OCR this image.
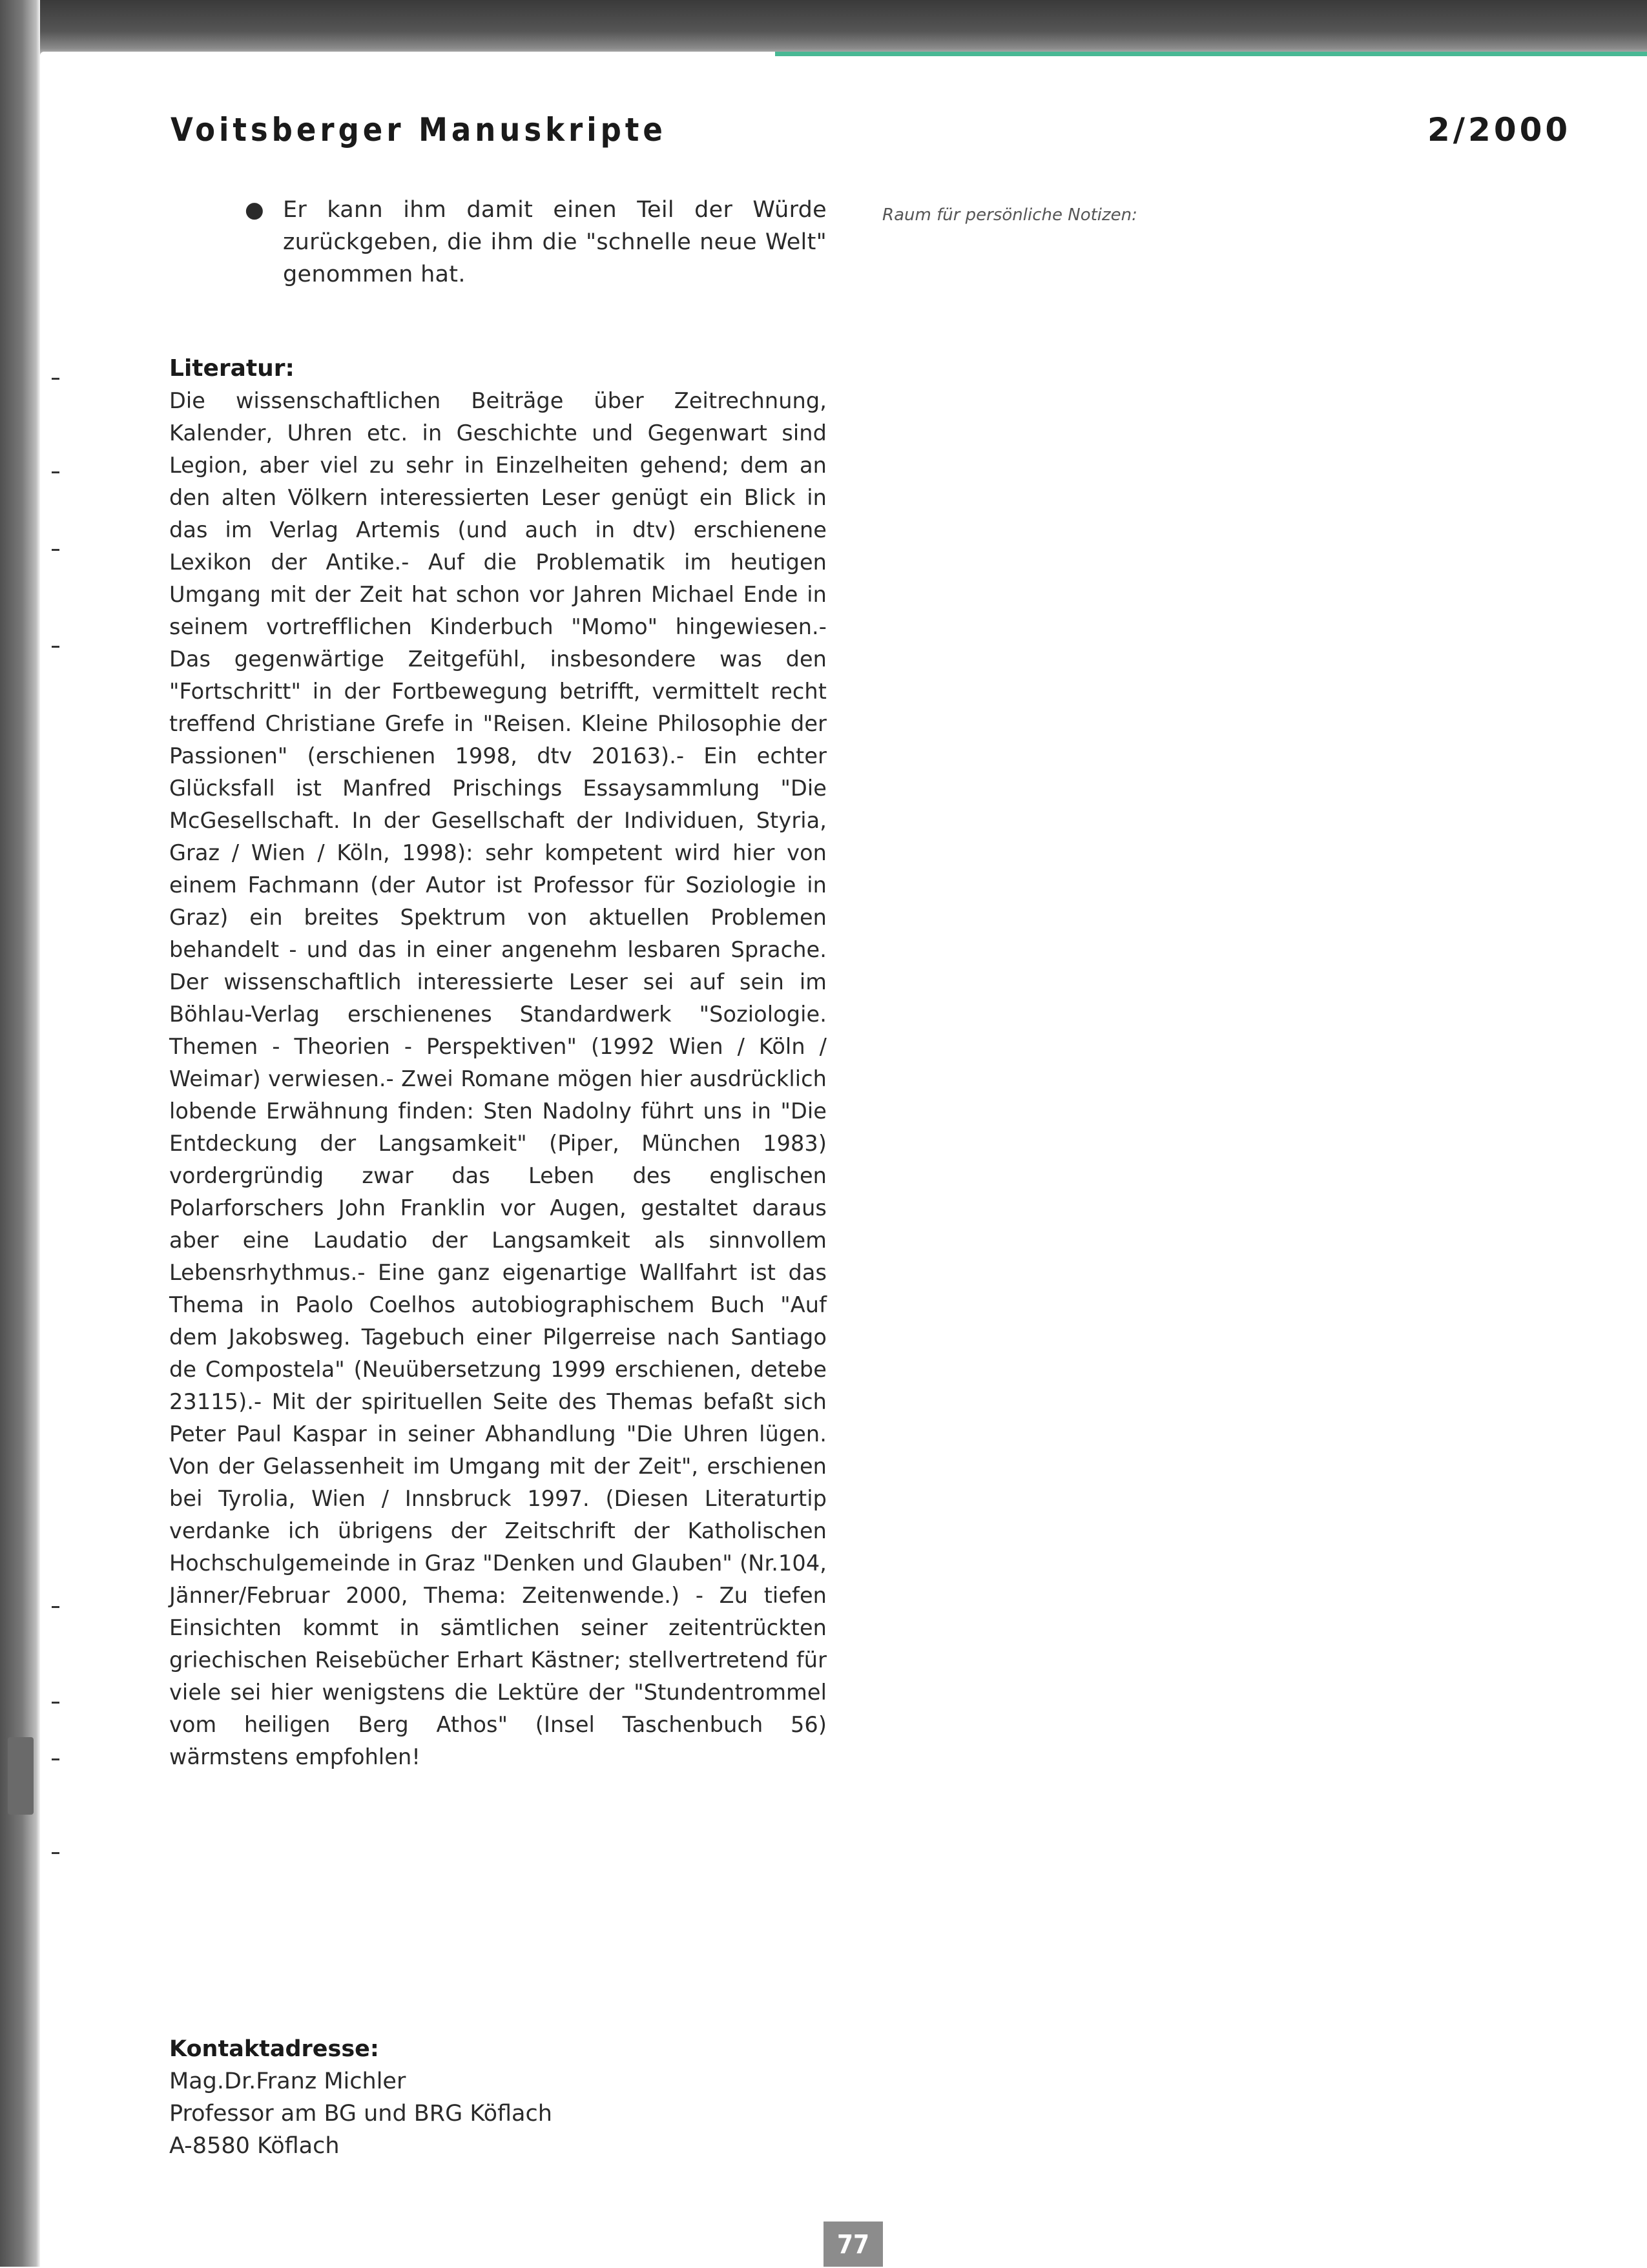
Voitsberger Manuskripte	2/2000
Raum für persönliche Notizen:
● Er kann ihm damit einen Teil der Würde zurückgeben, die ihm die "schnelle neue Welt" genommen hat.
Literatur:
Die wissenschaftlichen Beiträge über Zeitrechnung, Kalender, Uhren etc. in Geschichte und Gegenwart sind Legion, aber viel zu sehr in Einzelheiten gehend; dem an den alten Völkern interessierten Leser genügt ein Blick in das im Verlag Artemis (und auch in dtv) erschienene Lexikon der Antike.- Auf die Problematik im heutigen Umgang mit der Zeit hat schon vor Jahren Michael Ende in seinem vortrefflichen Kinderbuch "Momo" hingewiesen.- Das gegenwärtige Zeitgefühl, insbesondere was den "Fortschritt" in der Fortbewegung betrifft, vermittelt recht treffend Christiane Grefe in "Reisen. Kleine Philosophie der Passionen" (erschienen 1998, dtv 20163).- Ein echter Glücksfall ist Manfred Prischings Essaysammlung "Die McGesellschaft. In der Gesellschaft der Individuen, Styria, Graz / Wien / Köln, 1998): sehr kompetent wird hier von einem Fachmann (der Autor ist Professor für Soziologie in Graz) ein breites Spektrum von aktuellen Problemen behandelt - und das in einer angenehm lesbaren Sprache. Der wissenschaftlich interessierte Leser sei auf sein im Böhlau-Verlag erschienenes Standardwerk "Soziologie. Themen - Theorien - Perspektiven" (1992 Wien / Köln / Weimar) verwiesen.- Zwei Romane mögen hier ausdrücklich lobende Erwähnung finden: Sten Nadolny führt uns in "Die Entdeckung der Langsamkeit" (Piper, München 1983) vordergründig zwar das Leben des englischen Polarforschers John Franklin vor Augen, gestaltet daraus aber eine Laudatio der Langsamkeit als sinnvollem Lebensrhythmus.- Eine ganz eigenartige Wallfahrt ist das Thema in Paolo Coelhos autobiographischem Buch "Auf dem Jakobsweg. Tagebuch einer Pilgerreise nach Santiago de Compostela" (Neuübersetzung 1999 erschienen, detebe 23115).- Mit der spirituellen Seite des Themas befaßt sich Peter Paul Kaspar in seiner Abhandlung "Die Uhren lügen. Von der Gelassenheit im Umgang mit der Zeit", erschienen bei Tyrolia, Wien / Innsbruck 1997. (Diesen Literaturtip verdanke ich übrigens der Zeitschrift der Katholischen Hochschulgemeinde in Graz "Denken und Glauben" (Nr.104, Jänner/Februar 2000, Thema: Zeitenwende.) - Zu tiefen Einsichten kommt in sämtlichen seiner zeitentrückten griechischen Reisebücher Erhart Kästner; stellvertretend für viele sei hier wenigstens die Lektüre der "Stundentrommel vom heiligen Berg Athos" (Insel Taschenbuch 56) wärmstens empfohlen!
Kontaktadresse:
Mag.Dr.Franz Michler
Professor am BG und BRG Köflach
A-8580 Köflach
77
